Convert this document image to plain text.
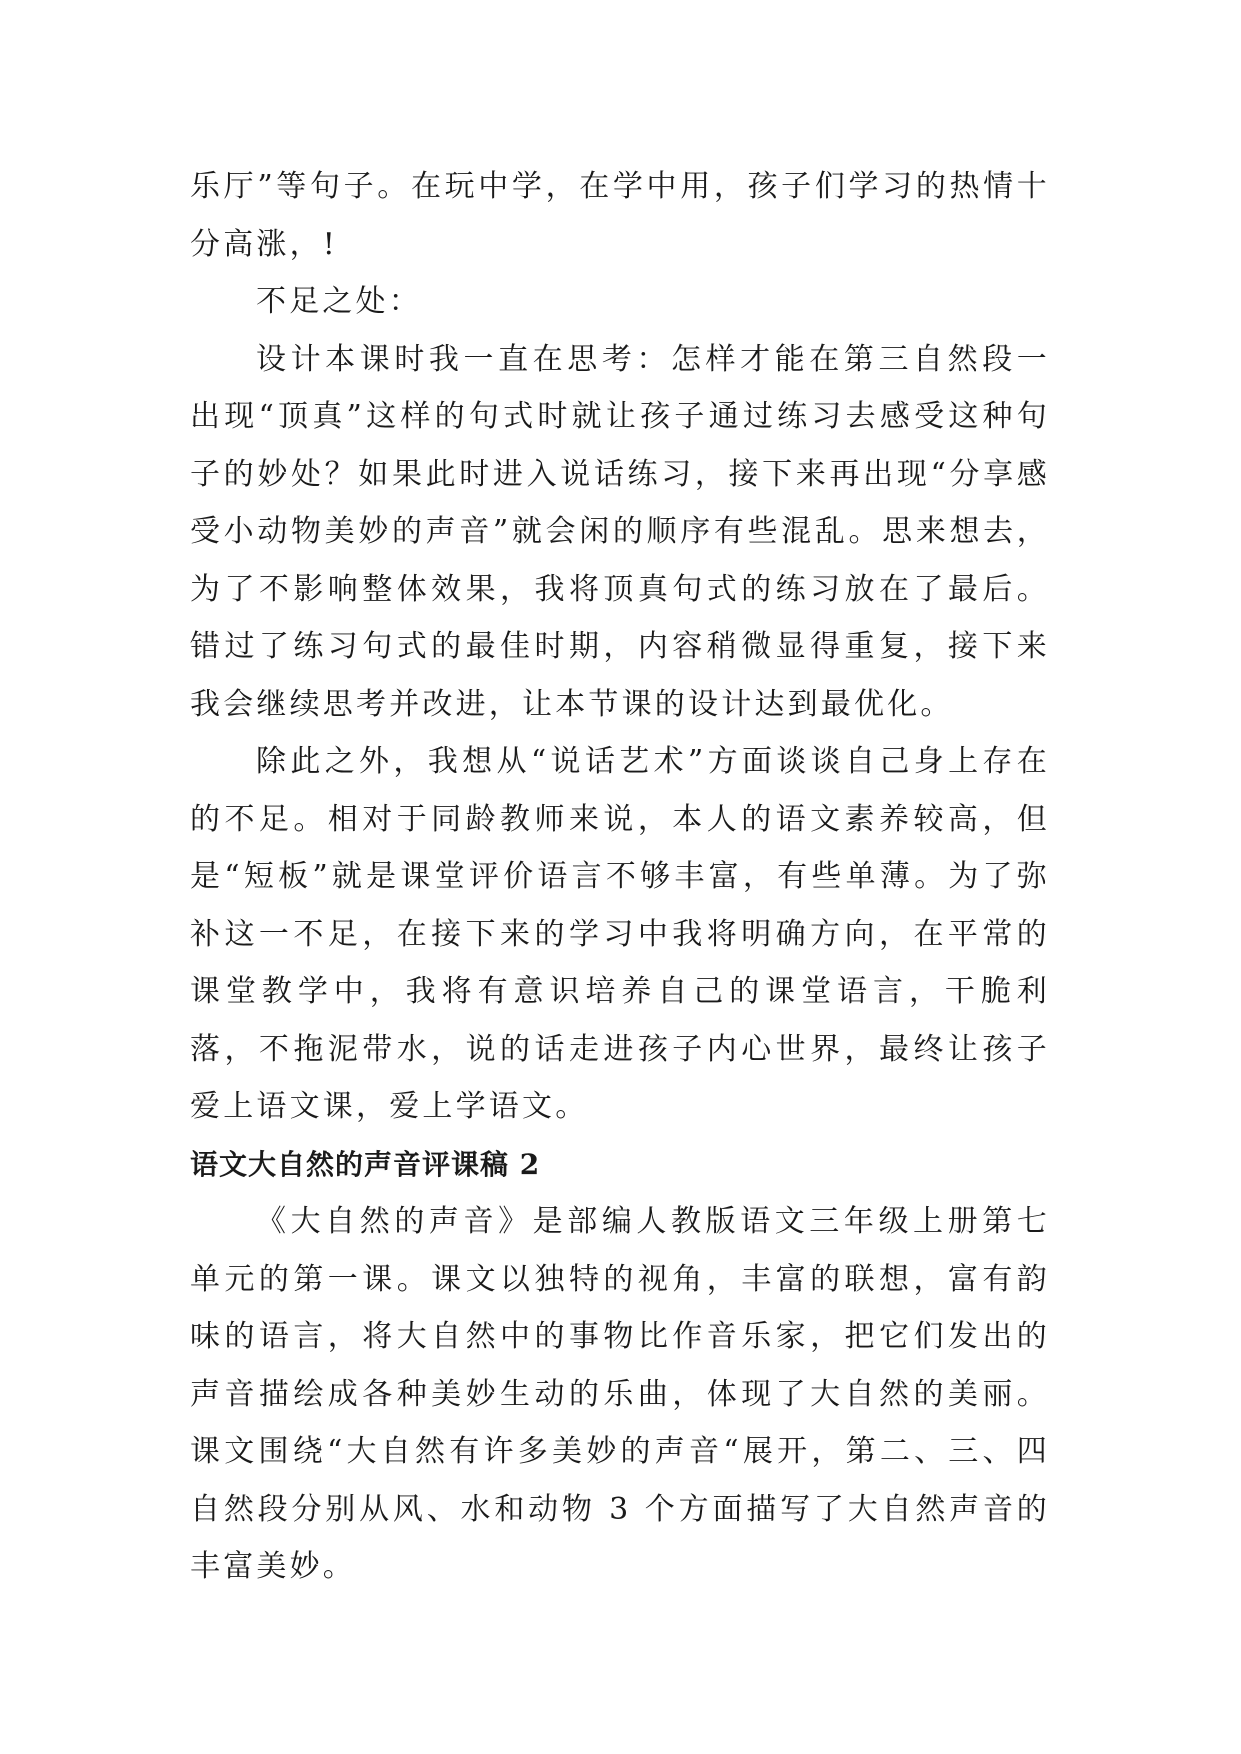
乐厅”等句子。在玩中学，在学中用，孩子们学习的热情十分高涨，!

不足之处：

设计本课时我一直在思考：怎样才能在第三自然段一出现“顶真”这样的句式时就让孩子通过练习去感受这种句子的妙处？如果此时进入说话练习，接下来再出现“分享感受小动物美妙的声音”就会闲的顺序有些混乱。思来想去，为了不影响整体效果，我将顶真句式的练习放在了最后。错过了练习句式的最佳时期，内容稍微显得重复，接下来我会继续思考并改进，让本节课的设计达到最优化。

除此之外，我想从“说话艺术”方面谈谈自己身上存在的不足。相对于同龄教师来说，本人的语文素养较高，但是“短板”就是课堂评价语言不够丰富，有些单薄。为了弥补这一不足，在接下来的学习中我将明确方向，在平常的课堂教学中，我将有意识培养自己的课堂语言，干脆利落，不拖泥带水，说的话走进孩子内心世界，最终让孩子爱上语文课，爱上学语文。

语文大自然的声音评课稿 2

《大自然的声音》是部编人教版语文三年级上册第七单元的第一课。课文以独特的视角，丰富的联想，富有韵味的语言，将大自然中的事物比作音乐家，把它们发出的声音描绘成各种美妙生动的乐曲，体现了大自然的美丽。课文围绕“大自然有许多美妙的声音“展开，第二、三、四自然段分别从风、水和动物 3 个方面描写了大自然声音的丰富美妙。
